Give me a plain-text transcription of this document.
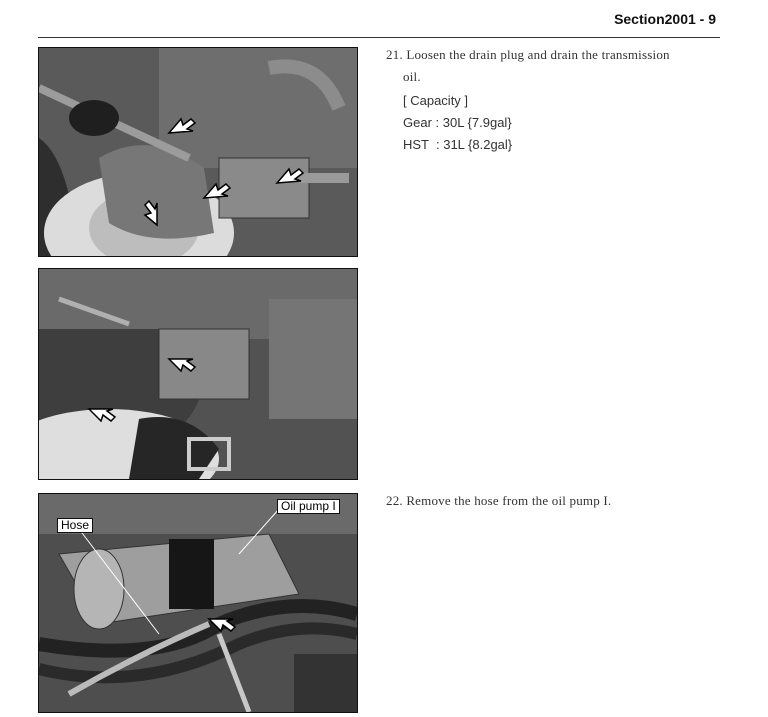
Section2001 - 9
Hose
Oil pump I
21. Loosen the drain plug and drain the transmission
oil.
[ Capacity ]
Gear : 30L {7.9gal}
HST  : 31L {8.2gal}
22. Remove the hose from the oil pump I.
